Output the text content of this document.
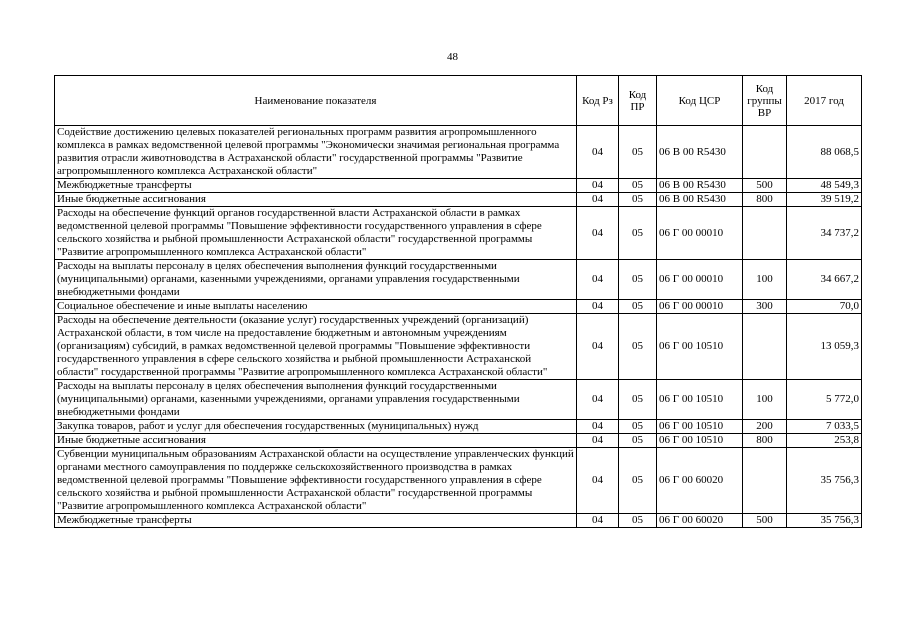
48
Наименование показателя	Код Рз	Код ПР	Код ЦСР	Код группы ВР	2017 год
Содействие достижению целевых показателей региональных программ развития агропромышленного комплекса в рамках ведомственной целевой программы "Экономически значимая региональная программа развития отрасли животноводства в Астраханской области" государственной программы "Развитие агропромышленного комплекса Астраханской области"	04	05	06 В 00 R5430		88 068,5
Межбюджетные трансферты	04	05	06 В 00 R5430	500	48 549,3
Иные бюджетные ассигнования	04	05	06 В 00 R5430	800	39 519,2
Расходы на обеспечение функций органов государственной власти Астраханской области в рамках ведомственной целевой программы "Повышение эффективности государственного управления в сфере сельского хозяйства и рыбной промышленности Астраханской области" государственной программы "Развитие агропромышленного комплекса Астраханской области"	04	05	06 Г 00 00010		34 737,2
Расходы на выплаты персоналу в целях обеспечения выполнения функций государственными (муниципальными) органами, казенными учреждениями, органами управления государственными внебюджетными фондами	04	05	06 Г 00 00010	100	34 667,2
Социальное обеспечение и иные выплаты населению	04	05	06 Г 00 00010	300	70,0
Расходы на обеспечение деятельности (оказание услуг) государственных учреждений (организаций) Астраханской области, в том числе на предоставление бюджетным и автономным учреждениям (организациям) субсидий, в рамках ведомственной целевой программы "Повышение эффективности государственного управления в сфере сельского хозяйства и рыбной промышленности Астраханской области" государственной программы "Развитие агропромышленного комплекса Астраханской области"	04	05	06 Г 00 10510		13 059,3
Расходы на выплаты персоналу в целях обеспечения выполнения функций государственными (муниципальными) органами, казенными учреждениями, органами управления государственными внебюджетными фондами	04	05	06 Г 00 10510	100	5 772,0
Закупка товаров, работ и услуг для обеспечения государственных (муниципальных) нужд	04	05	06 Г 00 10510	200	7 033,5
Иные бюджетные ассигнования	04	05	06 Г 00 10510	800	253,8
Субвенции муниципальным образованиям Астраханской области на осуществление управленческих функций органами местного самоуправления по поддержке сельскохозяйственного производства в рамках ведомственной целевой программы "Повышение эффективности государственного управления в сфере сельского хозяйства и рыбной промышленности Астраханской области" государственной программы "Развитие агропромышленного комплекса Астраханской области"	04	05	06 Г 00 60020		35 756,3
Межбюджетные трансферты	04	05	06 Г 00 60020	500	35 756,3
